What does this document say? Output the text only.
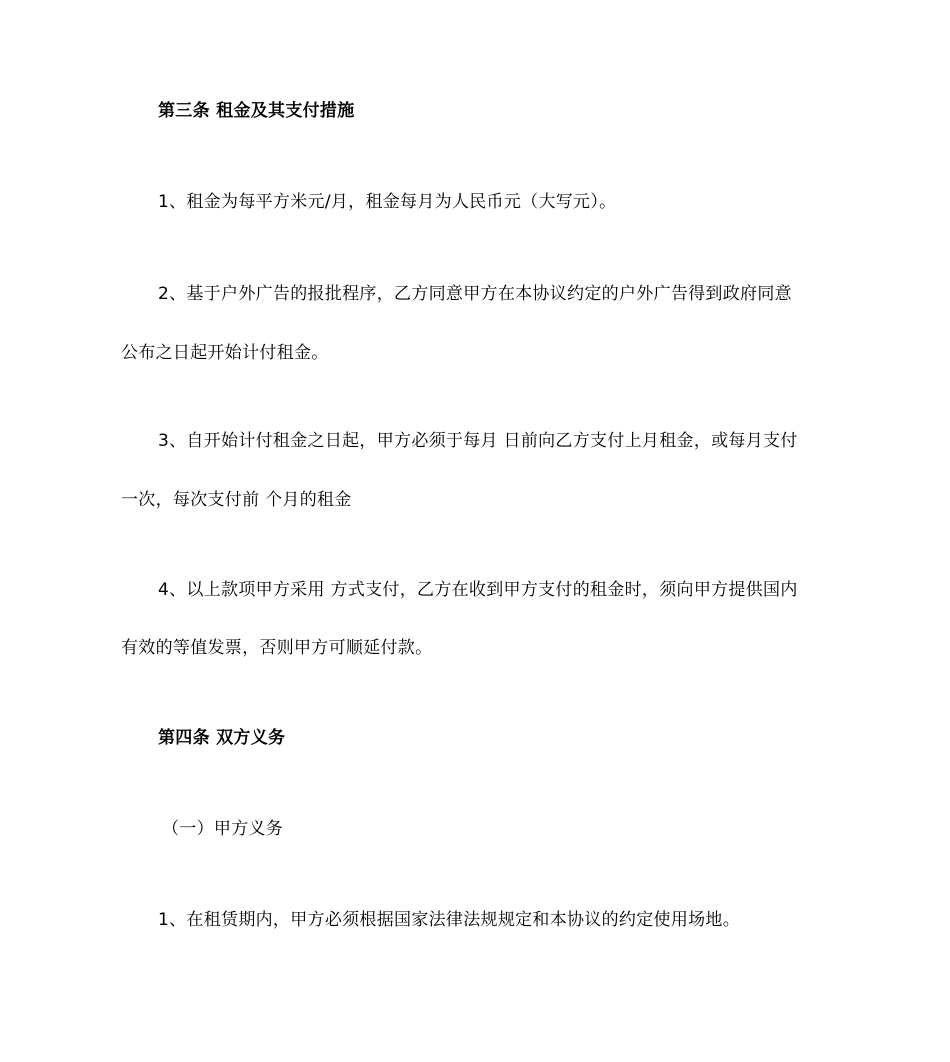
第三条 租金及其支付措施
1、租金为每平方米元/月，租金每月为人民币元（大写元）。
2、基于户外广告的报批程序，乙方同意甲方在本协议约定的户外广告得到政府同意
公布之日起开始计付租金。
3、自开始计付租金之日起，甲方必须于每月 日前向乙方支付上月租金，或每月支付
一次，每次支付前 个月的租金
4、以上款项甲方采用 方式支付，乙方在收到甲方支付的租金时，须向甲方提供国内
有效的等值发票，否则甲方可顺延付款。
第四条 双方义务
（一）甲方义务
1、在租赁期内，甲方必须根据国家法律法规规定和本协议的约定使用场地。
